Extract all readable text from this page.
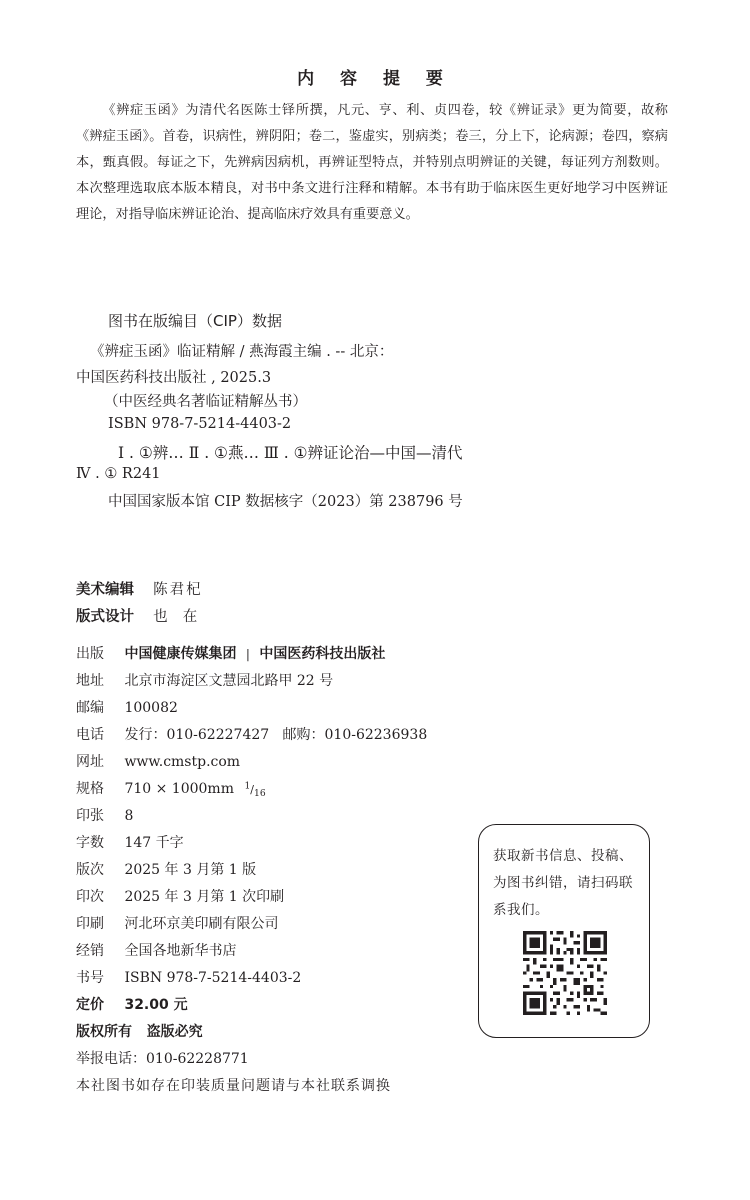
内 容 提 要
《辨症玉函》为清代名医陈士铎所撰，凡元、亨、利、贞四卷，较《辨证录》更为简要，故称《辨症玉函》。首卷，识病性，辨阴阳；卷二，鉴虚实，别病类；卷三，分上下，论病源；卷四，察病本，甄真假。每证之下，先辨病因病机，再辨证型特点，并特别点明辨证的关键，每证列方剂数则。本次整理选取底本版本精良，对书中条文进行注释和精解。本书有助于临床医生更好地学习中医辨证理论，对指导临床辨证论治、提高临床疗效具有重要意义。
图书在版编目（CIP）数据
《辨症玉函》临证精解 / 燕海霞主编 . -- 北京：
中国医药科技出版社 , 2025.3
（中医经典名著临证精解丛书）
ISBN 978-7-5214-4403-2
Ⅰ . ①辨… Ⅱ . ①燕… Ⅲ . ①辨证论治—中国—清代
Ⅳ . ① R241
中国国家版本馆 CIP 数据核字（2023）第 238796 号
美术编辑 陈君杞
版式设计 也  在
出版 中国健康传媒集团 | 中国医药科技出版社
地址 北京市海淀区文慧园北路甲 22 号
邮编 100082
电话 发行：010-62227427   邮购：010-62236938
网址 www.cmstp.com
规格 710 × 1000mm $^1/_{16}$
印张 8
字数 147 千字
版次 2025 年 3 月第 1 版
印次 2025 年 3 月第 1 次印刷
印刷 河北环京美印刷有限公司
经销 全国各地新华书店
书号 ISBN 978-7-5214-4403-2
定价 32.00 元
版权所有   盗版必究
举报电话：010-62228771
本社图书如存在印装质量问题请与本社联系调换
获取新书信息、投稿、为图书纠错，请扫码联系我们。
